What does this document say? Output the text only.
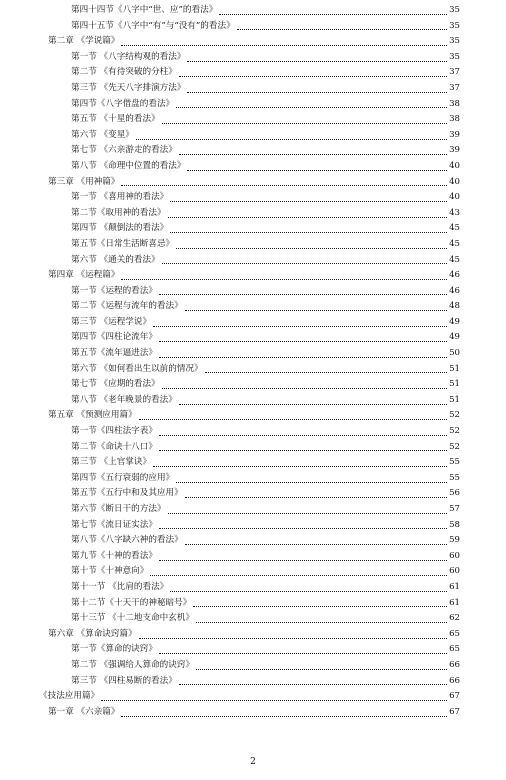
第四十四节《八字中“世、应”的看法》	35
第四十五节《八字中“有”与“没有”的看法》	35
第二章 《学说篇》	35
第一节 《八字结构观的看法》	35
第二节 《有待突破的分柱》	37
第三节 《先天八字排演方法》	37
第四节《八字借盘的看法》	38
第五节 《十星的看法》	38
第六节 《变星》	39
第七节 《六亲游走的看法》	39
第八节 《命理中位置的看法》	40
第三章 《用神篇》	40
第一节 《喜用神的看法》	40
第二节《取用神的看法》	43
第四节 《颠倒法的看法》	45
第五节《日常生活断喜忌》	45
第六节 《通关的看法》	45
第四章 《运程篇》	46
第一节《运程的看法》	46
第二节《运程与流年的看法》	48
第三节 《运程学说》	49
第四节《四柱论流年》	49
第五节《流年逼进法》	50
第六节 《如何看出生以前的情况》	51
第七节 《应期的看法》	51
第八节 《老年晚景的看法》	51
第五章 《预测应用篇》	52
第一节《四柱法字表》	52
第二节《命诀十八口》	52
第三节 《上官掌诀》	55
第四节《五行衰弱的应用》	55
第五节《五行中和及其应用》	56
第六节《断日干的方法》	57
第七节《流日证实法》	58
第八节《八字缺六神的看法》	59
第九节《十神的看法》	60
第十节《十神意向》	60
第十一节 《比肩的看法》	61
第十二节《十天干的神秘暗号》	61
第十三节 《十二地支命中玄机》	62
第六章 《算命诀窍篇》	65
第一节《算命的诀窍》	65
第二节 《强调给人算命的诀窍》	66
第三节 《四柱易断的看法》	66
《技法应用篇》	67
第一章 《六亲篇》	67
2
